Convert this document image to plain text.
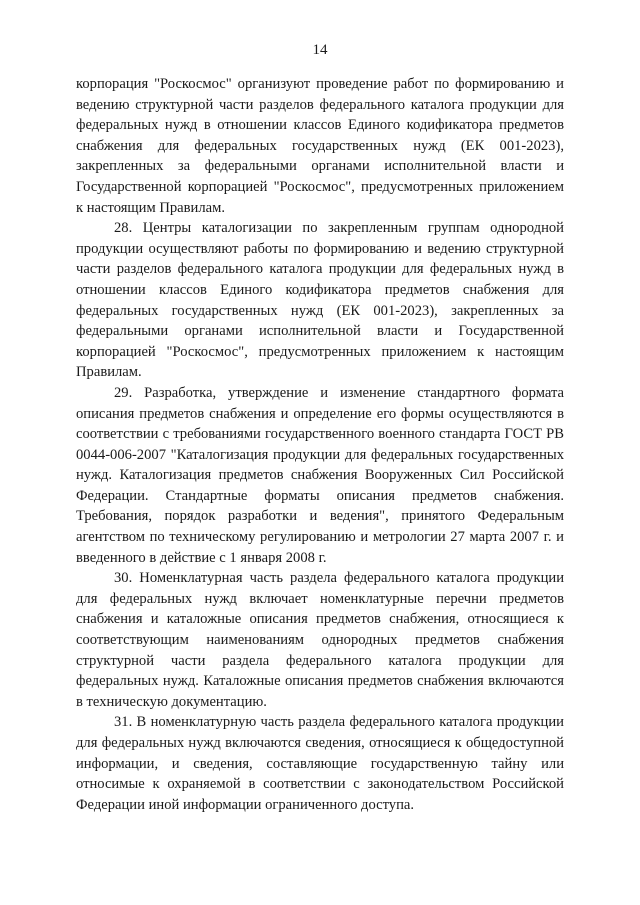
14

корпорация "Роскосмос" организуют проведение работ по формированию и ведению структурной части разделов федерального каталога продукции для федеральных нужд в отношении классов Единого кодификатора предметов снабжения для федеральных государственных нужд (ЕК 001-2023), закрепленных за федеральными органами исполнительной власти и Государственной корпорацией "Роскосмос", предусмотренных приложением к настоящим Правилам.

28. Центры каталогизации по закрепленным группам однородной продукции осуществляют работы по формированию и ведению структурной части разделов федерального каталога продукции для федеральных нужд в отношении классов Единого кодификатора предметов снабжения для федеральных государственных нужд (ЕК 001-2023), закрепленных за федеральными органами исполнительной власти и Государственной корпорацией "Роскосмос", предусмотренных приложением к настоящим Правилам.

29. Разработка, утверждение и изменение стандартного формата описания предметов снабжения и определение его формы осуществляются в соответствии с требованиями государственного военного стандарта ГОСТ РВ 0044-006-2007 "Каталогизация продукции для федеральных государственных нужд. Каталогизация предметов снабжения Вооруженных Сил Российской Федерации. Стандартные форматы описания предметов снабжения. Требования, порядок разработки и ведения", принятого Федеральным агентством по техническому регулированию и метрологии 27 марта 2007 г. и введенного в действие с 1 января 2008 г.

30. Номенклатурная часть раздела федерального каталога продукции для федеральных нужд включает номенклатурные перечни предметов снабжения и каталожные описания предметов снабжения, относящиеся к соответствующим наименованиям однородных предметов снабжения структурной части раздела федерального каталога продукции для федеральных нужд. Каталожные описания предметов снабжения включаются в техническую документацию.

31. В номенклатурную часть раздела федерального каталога продукции для федеральных нужд включаются сведения, относящиеся к общедоступной информации, и сведения, составляющие государственную тайну или относимые к охраняемой в соответствии с законодательством Российской Федерации иной информации ограниченного доступа.
